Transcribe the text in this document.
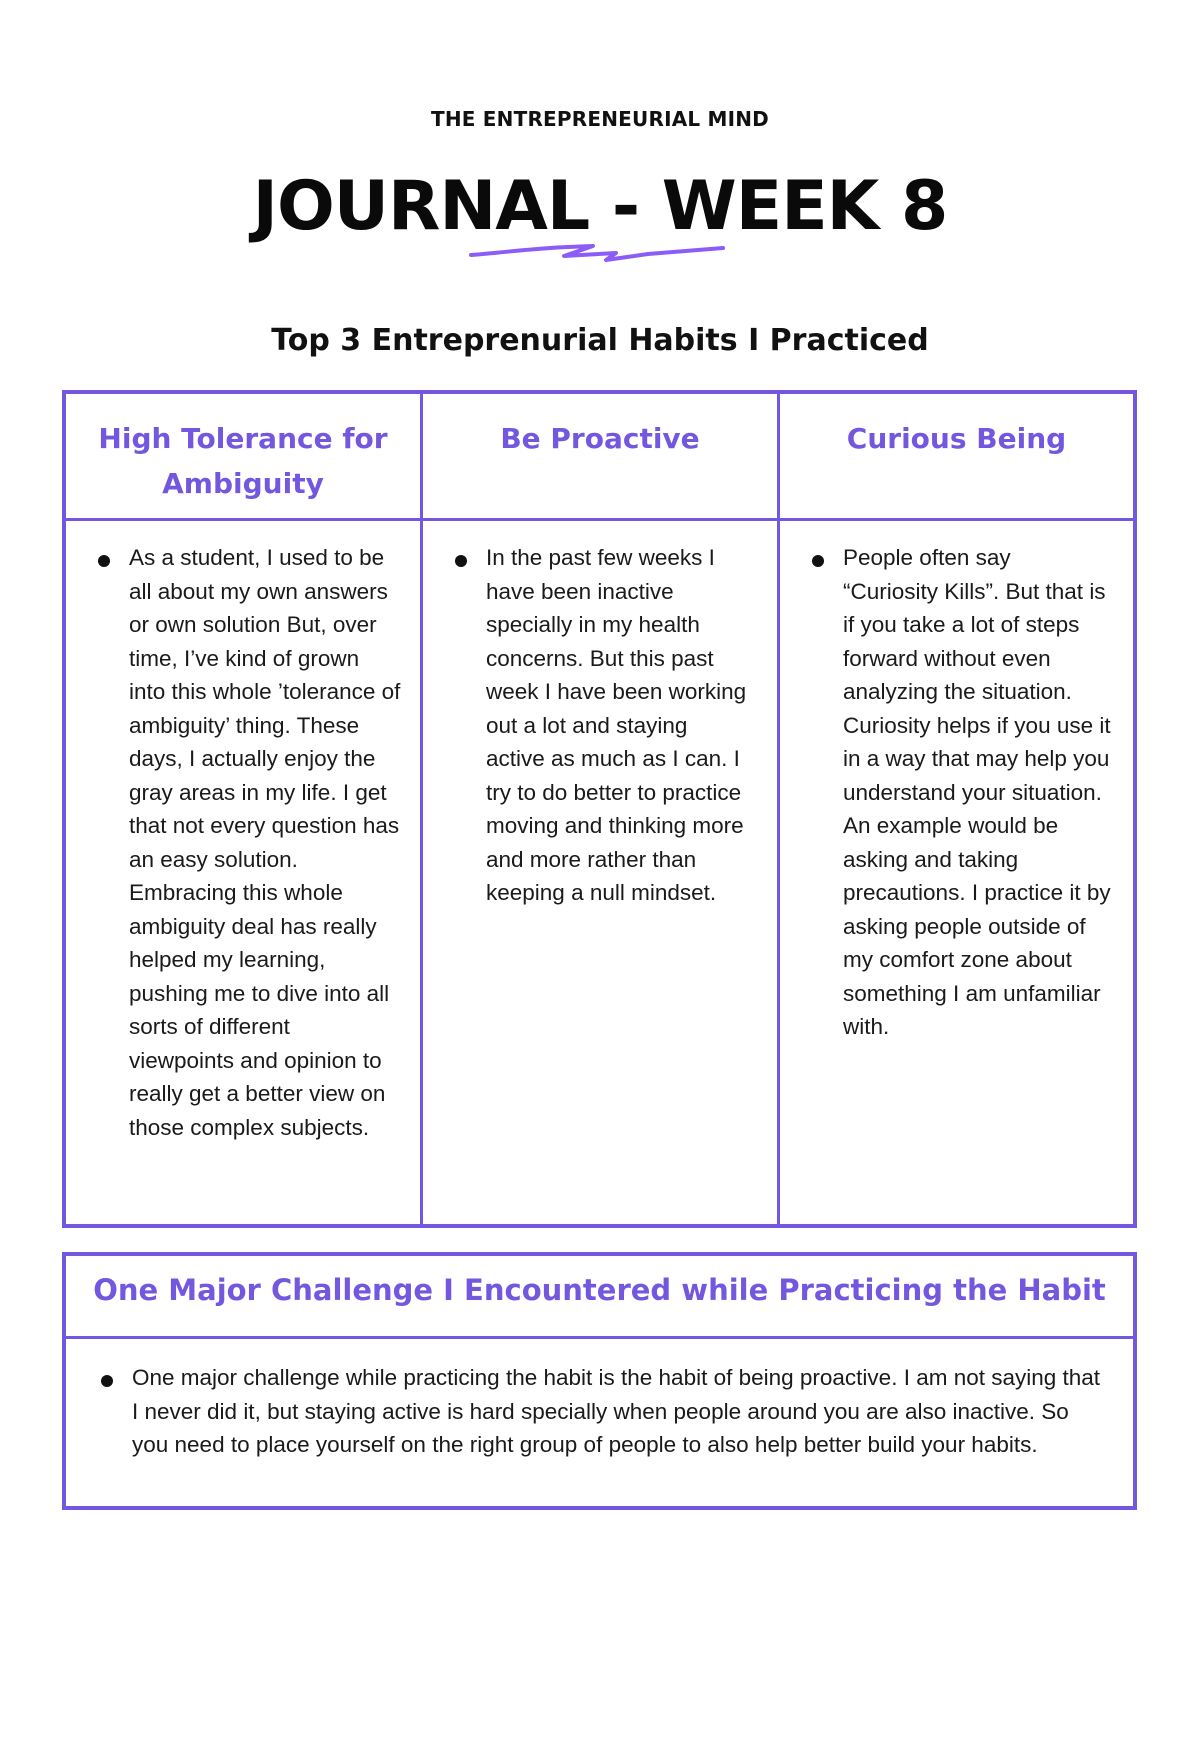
THE ENTREPRENEURIAL MIND
JOURNAL - WEEK 8
Top 3 Entreprenurial Habits I Practiced
High Tolerance for Ambiguity
Be Proactive	Curious Being

As a student, I used to be all about my own answers or own solution But, over time, I’ve kind of grown into this whole ’tolerance of ambiguity’ thing. These days, I actually enjoy the gray areas in my life. I get that not every question has an easy solution. Embracing this whole ambiguity deal has really helped my learning, pushing me to dive into all sorts of different viewpoints and opinion to really get a better view on those complex subjects.

In the past few weeks I have been inactive specially in my health concerns. But this past week I have been working out a lot and staying active as much as I can. I try to do better to practice moving and thinking more and more rather than keeping a null mindset.

People often say “Curiosity Kills”. But that is if you take a lot of steps forward without even analyzing the situation. Curiosity helps if you use it in a way that may help you understand your situation. An example would be asking and taking precautions. I practice it by asking people outside of my comfort zone about something I am unfamiliar with.

One Major Challenge I Encountered while Practicing the Habit

One major challenge while practicing the habit is the habit of being proactive. I am not saying that I never did it, but staying active is hard specially when people around you are also inactive. So you need to place yourself on the right group of people to also help better build your habits.
